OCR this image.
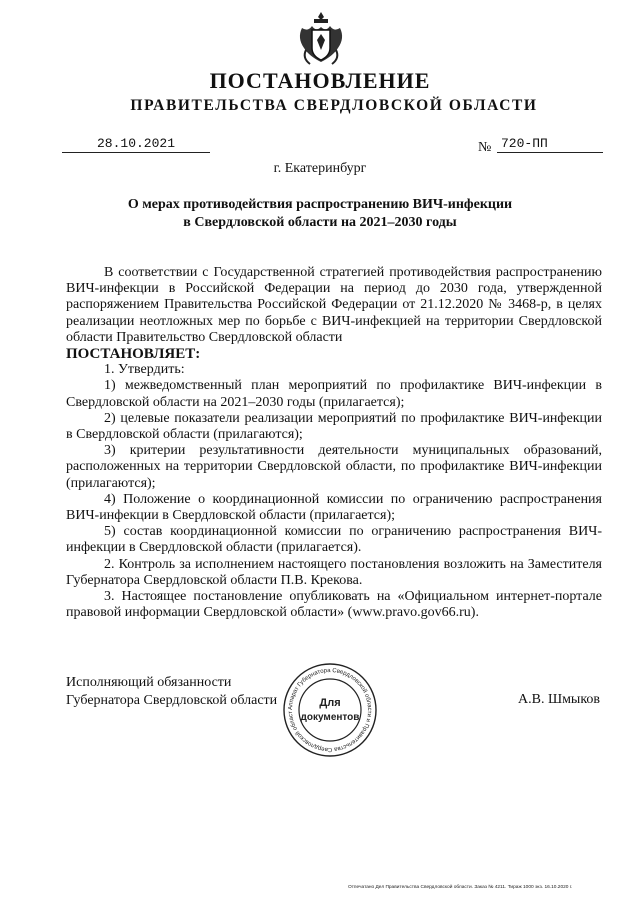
ПОСТАНОВЛЕНИЕ
ПРАВИТЕЛЬСТВА СВЕРДЛОВСКОЙ ОБЛАСТИ
28.10.2021	№ 720-ПП
г. Екатеринбург
О мерах противодействия распространению ВИЧ-инфекции
в Свердловской области на 2021–2030 годы

В соответствии с Государственной стратегией противодействия распространению ВИЧ-инфекции в Российской Федерации на период до 2030 года, утвержденной распоряжением Правительства Российской Федерации от 21.12.2020 № 3468-р, в целях реализации неотложных мер по борьбе с ВИЧ-инфекцией на территории Свердловской области Правительство Свердловской области

ПОСТАНОВЛЯЕТ:

1. Утвердить:

1) межведомственный план мероприятий по профилактике ВИЧ-инфекции в Свердловской области на 2021–2030 годы (прилагается);

2) целевые показатели реализации мероприятий по профилактике ВИЧ-инфекции в Свердловской области (прилагаются);

3) критерии результативности деятельности муниципальных образований, расположенных на территории Свердловской области, по профилактике ВИЧ-инфекции (прилагаются);

4) Положение о координационной комиссии по ограничению распространения ВИЧ-инфекции в Свердловской области (прилагается);

5) состав координационной комиссии по ограничению распространения ВИЧ-инфекции в Свердловской области (прилагается).

2. Контроль за исполнением настоящего постановления возложить на Заместителя Губернатора Свердловской области П.В. Крекова.

3. Настоящее постановление опубликовать на «Официальном интернет-портале правовой информации Свердловской области» (www.pravo.gov66.ru).

Исполняющий обязанности
Губернатора Свердловской области	А.В. Шмыков
Аппарат Губернатора Свердловской области и Правительства Свердловской област
Для
документов
Отпечатано Дел Правительства Свердловской области. Заказ № 4211. Тираж 1000 экз. 16.10.2020 г.
